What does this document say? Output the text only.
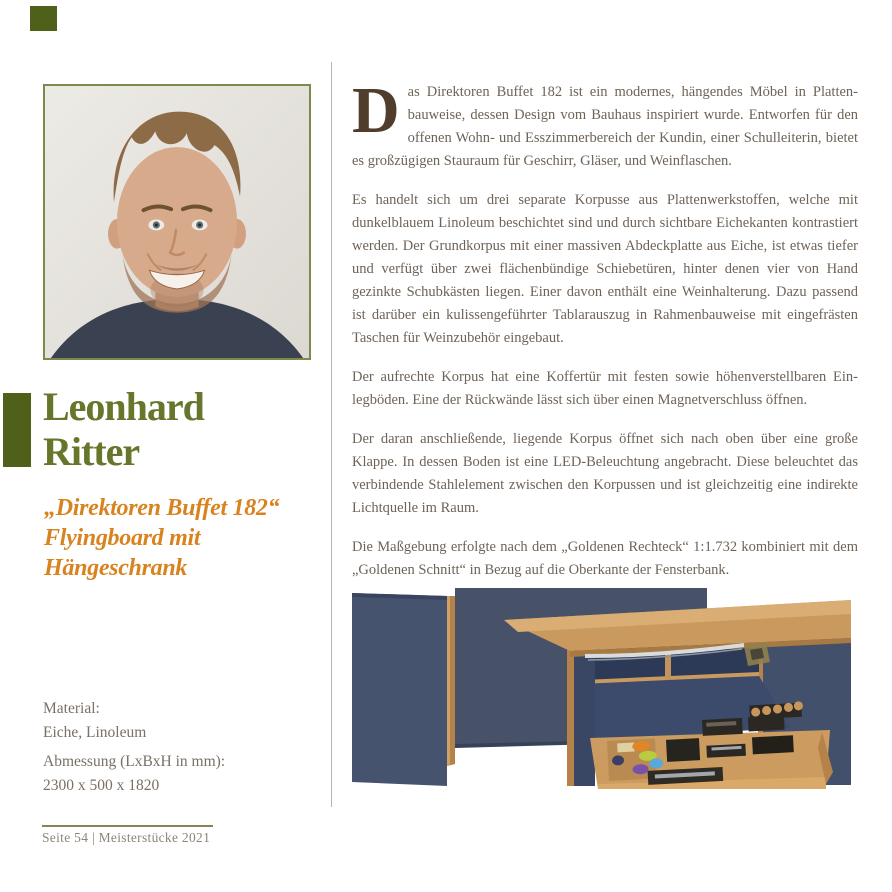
Leonhard
Ritter
„Direktoren Buffet 182“
Flyingboard mit
Hängeschrank
Material:
Eiche, Linoleum
Abmessung (LxBxH in mm):
2300 x 500 x 1820
Seite 54 | Meisterstücke 2021

Das Direktoren Buffet 182 ist ein modernes, hängendes Möbel in Plattenbauweise, dessen Design vom Bauhaus inspiriert wurde. Entworfen für den offenen Wohn- und Esszimmerbereich der Kundin, einer Schulleiterin, bietet es großzügigen Stauraum für Geschirr, Gläser, und Weinflaschen.

Es handelt sich um drei separate Korpusse aus Plattenwerkstoffen, welche mit dunkelblauem Linoleum beschichtet sind und durch sichtbare Eichekanten kontrastiert werden. Der Grundkorpus mit einer massiven Abdeckplatte aus Eiche, ist etwas tiefer und verfügt über zwei flächenbündige Schiebetüren, hinter denen vier von Hand gezinkte Schubkästen liegen. Einer davon enthält eine Weinhalterung. Dazu passend ist darüber ein kulissengeführter Tablarauszug in Rahmenbauweise mit eingefrästen Taschen für Weinzubehör eingebaut.

Der aufrechte Korpus hat eine Koffertür mit festen sowie höhenverstellbaren Einlegböden. Eine der Rückwände lässt sich über einen Magnetverschluss öffnen.

Der daran anschließende, liegende Korpus öffnet sich nach oben über eine große Klappe. In dessen Boden ist eine LED-Beleuchtung angebracht. Diese beleuchtet das verbindende Stahlelement zwischen den Korpussen und ist gleichzeitig eine indirekte Lichtquelle im Raum.

Die Maßgebung erfolgte nach dem „Goldenen Rechteck“ 1:1.732 kombiniert mit dem „Goldenen Schnitt“ in Bezug auf die Oberkante der Fensterbank.
